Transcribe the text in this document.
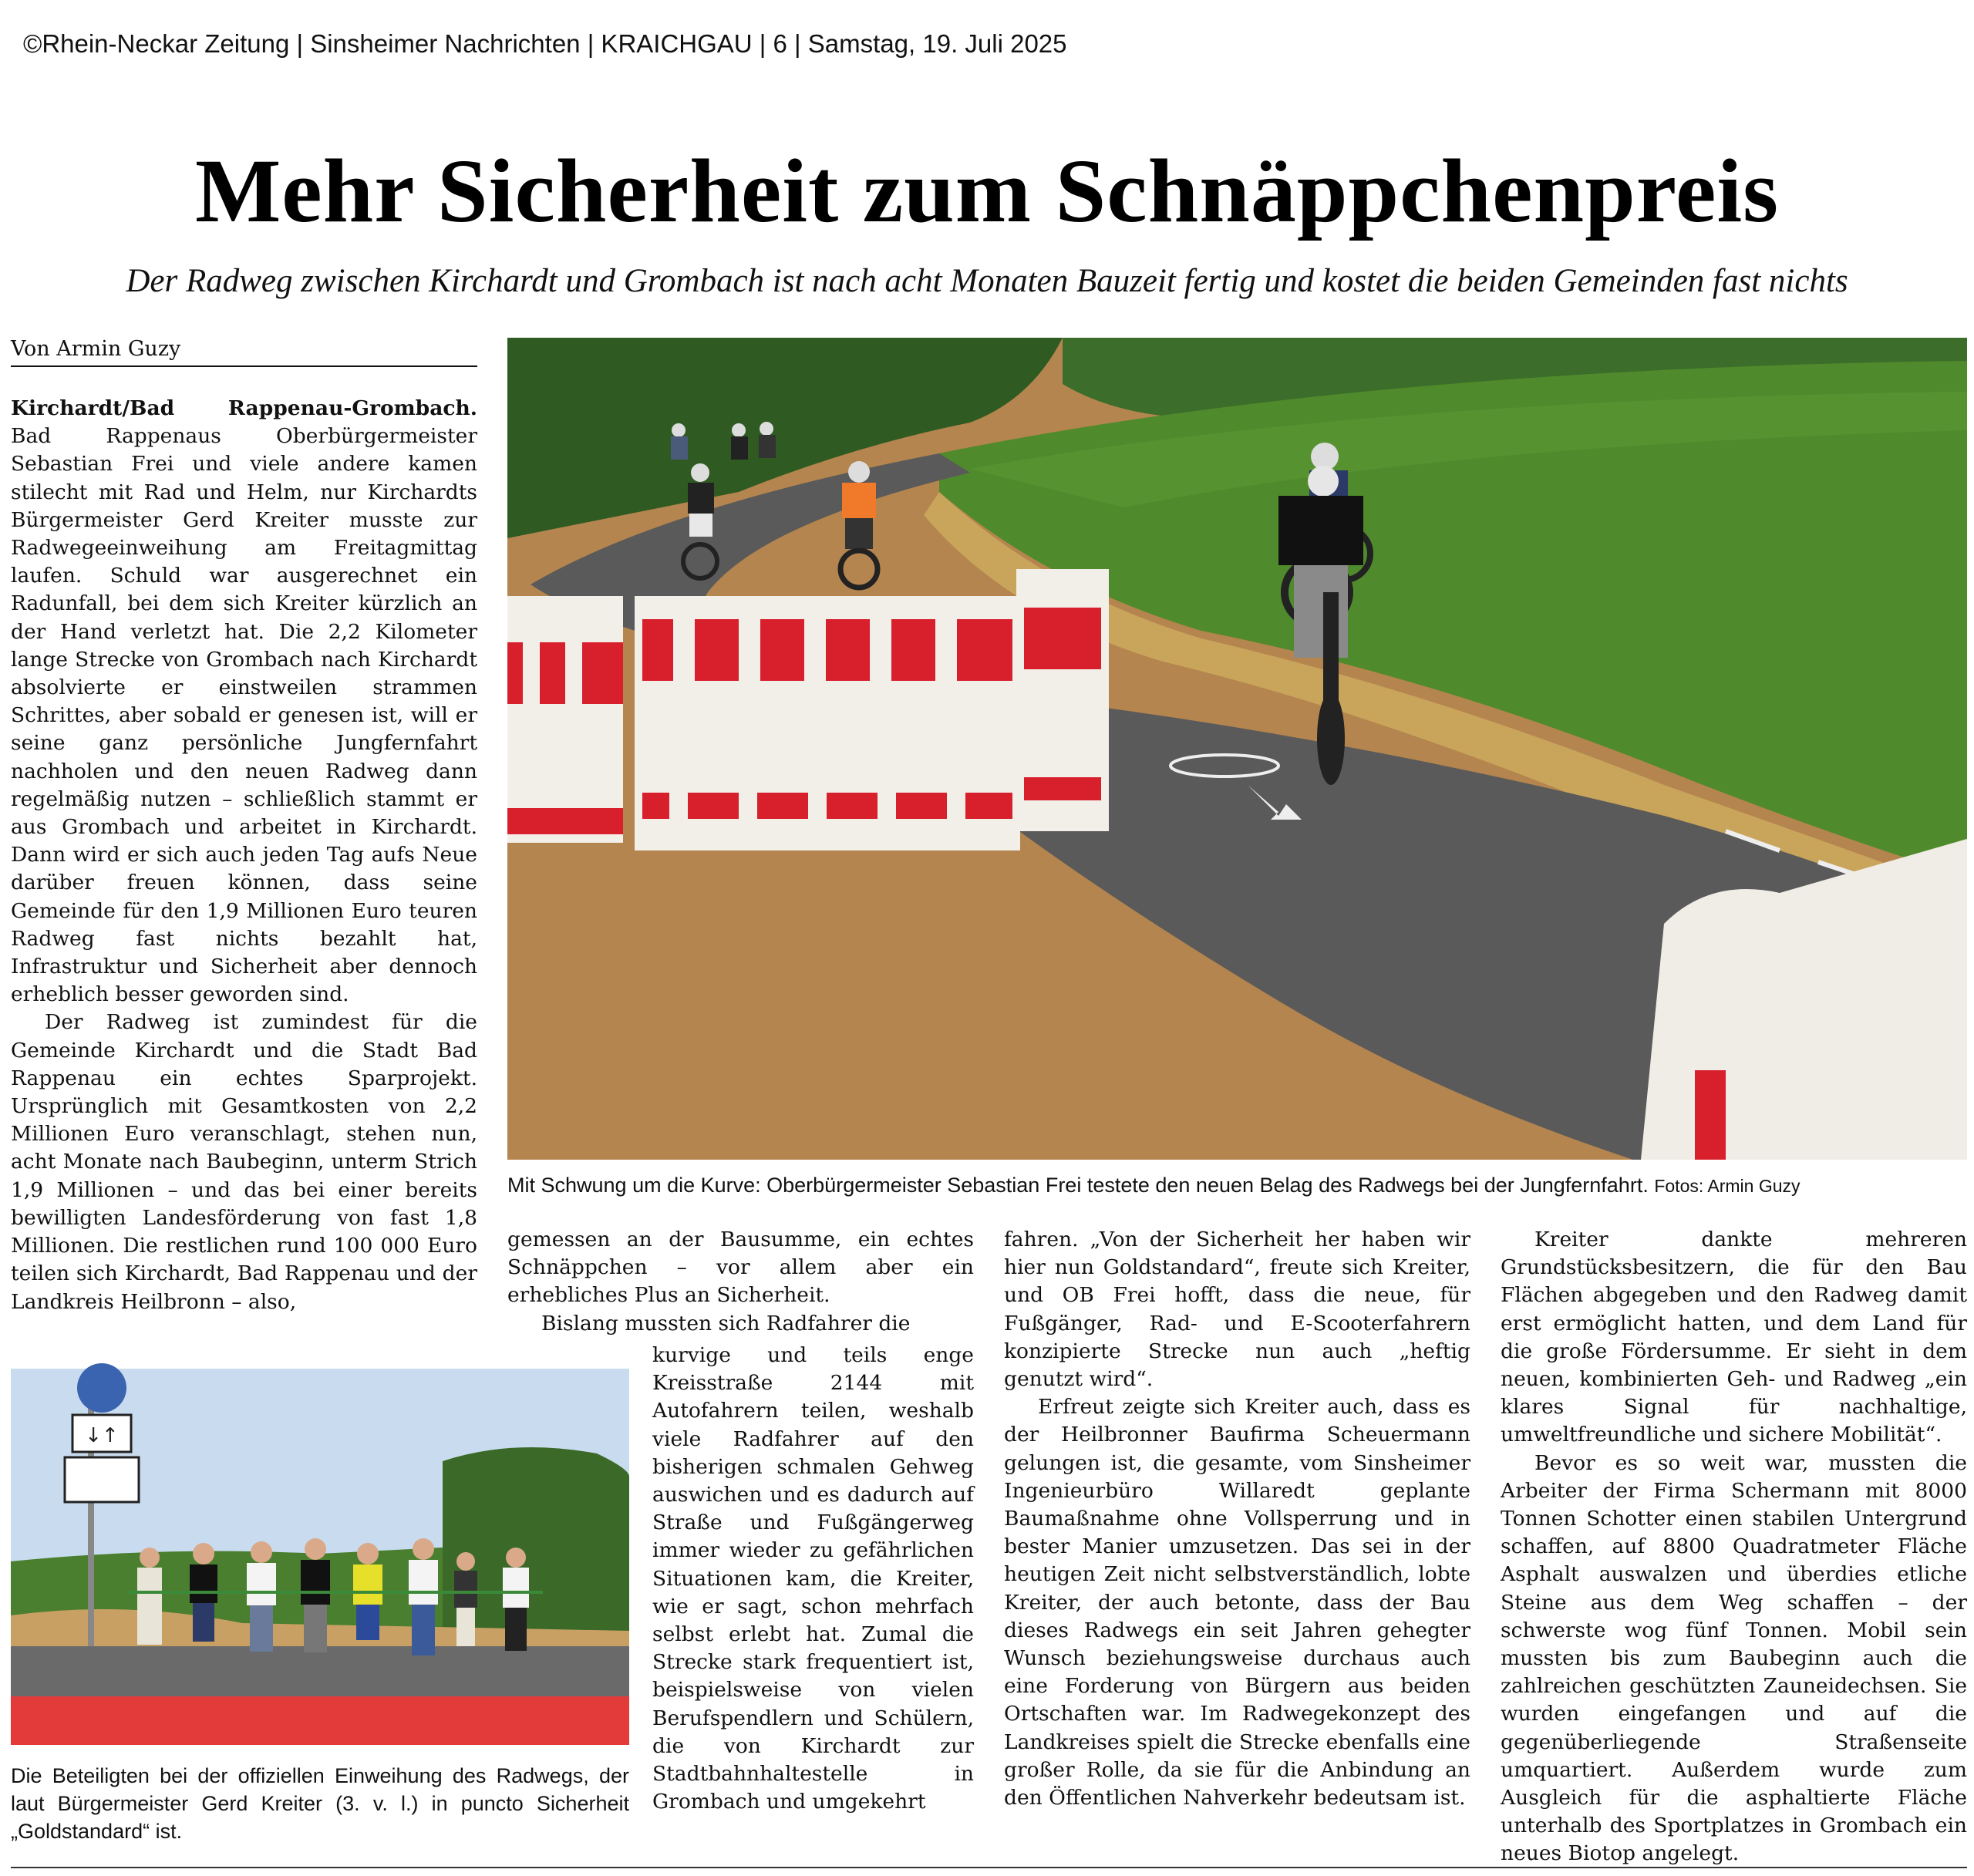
©Rhein-Neckar Zeitung | Sinsheimer Nachrichten | KRAICHGAU | 6 | Samstag, 19. Juli 2025
Mehr Sicherheit zum Schnäppchenpreis
Der Radweg zwischen Kirchardt und Grombach ist nach acht Monaten Bauzeit fertig und kostet die beiden Gemeinden fast nichts
Von Armin Guzy

Kirchardt/Bad Rappenau-Grombach. Bad Rappenaus Oberbürgermeister Sebastian Frei und viele andere kamen stilecht mit Rad und Helm, nur Kirchardts Bürgermeister Gerd Kreiter musste zur Radwegeeinweihung am Freitagmittag laufen. Schuld war ausgerechnet ein Radunfall, bei dem sich Kreiter kürzlich an der Hand verletzt hat. Die 2,2 Kilometer lange Strecke von Grombach nach Kirchardt absolvierte er einstweilen strammen Schrittes, aber sobald er genesen ist, will er seine ganz persönliche Jungfernfahrt nachholen und den neuen Radweg dann regelmäßig nutzen – schließlich stammt er aus Grombach und arbeitet in Kirchardt. Dann wird er sich auch jeden Tag aufs Neue darüber freuen können, dass seine Gemeinde für den 1,9 Millionen Euro teuren Radweg fast nichts bezahlt hat, Infrastruktur und Sicherheit aber dennoch erheblich besser geworden sind.

Der Radweg ist zumindest für die Gemeinde Kirchardt und die Stadt Bad Rappenau ein echtes Sparprojekt. Ursprünglich mit Gesamtkosten von 2,2 Millionen Euro veranschlagt, stehen nun, acht Monate nach Baubeginn, unterm Strich 1,9 Millionen – und das bei einer bereits bewilligten Landesförderung von fast 1,8 Millionen. Die restlichen rund 100 000 Euro teilen sich Kirchardt, Bad Rappenau und der Landkreis Heilbronn – also,

Mit Schwung um die Kurve: Oberbürgermeister Sebastian Frei testete den neuen Belag des Radwegs bei der Jungfernfahrt. Fotos: Armin Guzy

gemessen an der Bausumme, ein echtes Schnäppchen – vor allem aber ein erhebliches Plus an Sicherheit.

Bislang mussten sich Radfahrer die

kurvige und teils enge Kreisstraße 2144 mit Autofahrern teilen, weshalb viele Radfahrer auf den bisherigen schmalen Gehweg auswichen und es dadurch auf Straße und Fußgängerweg immer wieder zu gefährlichen Situationen kam, die Kreiter, wie er sagt, schon mehrfach selbst erlebt hat. Zumal die Strecke stark frequentiert ist, beispielsweise von vielen Berufspendlern und Schülern, die von Kirchardt zur Stadtbahnhaltestelle in Grombach und umgekehrt

fahren. „Von der Sicherheit her haben wir hier nun Goldstandard“, freute sich Kreiter, und OB Frei hofft, dass die neue, für Fußgänger, Rad- und E-Scooterfahrern konzipierte Strecke nun auch „heftig genutzt wird“.

Erfreut zeigte sich Kreiter auch, dass es der Heilbronner Baufirma Scheuermann gelungen ist, die gesamte, vom Sinsheimer Ingenieurbüro Willaredt geplante Baumaßnahme ohne Vollsperrung und in bester Manier umzusetzen. Das sei in der heutigen Zeit nicht selbstverständlich, lobte Kreiter, der auch betonte, dass der Bau dieses Radwegs ein seit Jahren gehegter Wunsch beziehungsweise durchaus auch eine Forderung von Bürgern aus beiden Ortschaften war. Im Radwegekonzept des Landkreises spielt die Strecke ebenfalls eine großer Rolle, da sie für die Anbindung an den Öffentlichen Nahverkehr bedeutsam ist.

Kreiter dankte mehreren Grundstücksbesitzern, die für den Bau Flächen abgegeben und den Radweg damit erst ermöglicht hatten, und dem Land für die große Fördersumme. Er sieht in dem neuen, kombinierten Geh- und Radweg „ein klares Signal für nachhaltige, umweltfreundliche und sichere Mobilität“.

Bevor es so weit war, mussten die Arbeiter der Firma Schermann mit 8000 Tonnen Schotter einen stabilen Untergrund schaffen, auf 8800 Quadratmeter Fläche Asphalt auswalzen und überdies etliche Steine aus dem Weg schaffen – der schwerste wog fünf Tonnen. Mobil sein mussten bis zum Baubeginn auch die zahlreichen geschützten Zauneidechsen. Sie wurden eingefangen und auf die gegenüberliegende Straßenseite umquartiert. Außerdem wurde zum Ausgleich für die asphaltierte Fläche unterhalb des Sportplatzes in Grombach ein neues Biotop angelegt.

↓↑
Die Beteiligten bei der offiziellen Einweihung des Radwegs, der laut Bürgermeister Gerd Kreiter (3. v. l.) in puncto Sicherheit „Goldstandard“ ist.
